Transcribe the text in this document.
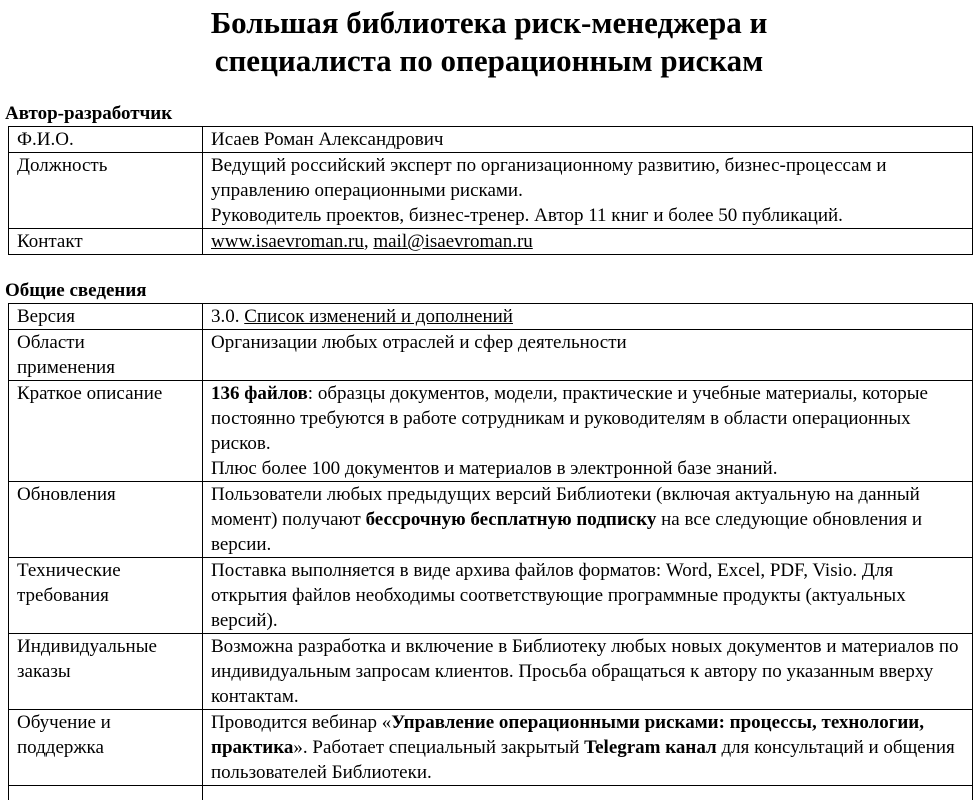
Большая библиотека риск-менеджера и
специалиста по операционным рискам
Автор-разработчик
Ф.И.О.	Исаев Роман Александрович

Должность	Ведущий российский эксперт по организационному развитию, бизнес-процессам и управлению операционными рисками.
Руководитель проектов, бизнес-тренер. Автор 11 книг и более 50 публикаций.

Контакт	www.isaevroman.ru, mail@isaevroman.ru
Общие сведения
Версия	3.0. Список изменений и дополнений

Области
применения	Организации любых отраслей и сфер деятельности

Краткое описание	136 файлов: образцы документов, модели, практические и учебные материалы, которые постоянно требуются в работе сотрудникам и руководителям в области операционных рисков.
Плюс более 100 документов и материалов в электронной базе знаний.

Обновления	Пользователи любых предыдущих версий Библиотеки (включая актуальную на данный момент) получают бессрочную бесплатную подписку на все следующие обновления и версии.

Технические
требования	Поставка выполняется в виде архива файлов форматов: Word, Excel, PDF, Visio. Для открытия файлов необходимы соответствующие программные продукты (актуальных версий).

Индивидуальные
заказы	Возможна разработка и включение в Библиотеку любых новых документов и материалов по индивидуальным запросам клиентов. Просьба обращаться к автору по указанным вверху контактам.

Обучение и
поддержка	Проводится вебинар «Управление операционными рисками: процессы, технологии, практика». Работает специальный закрытый Telegram канал для консультаций и общения пользователей Библиотеки.
